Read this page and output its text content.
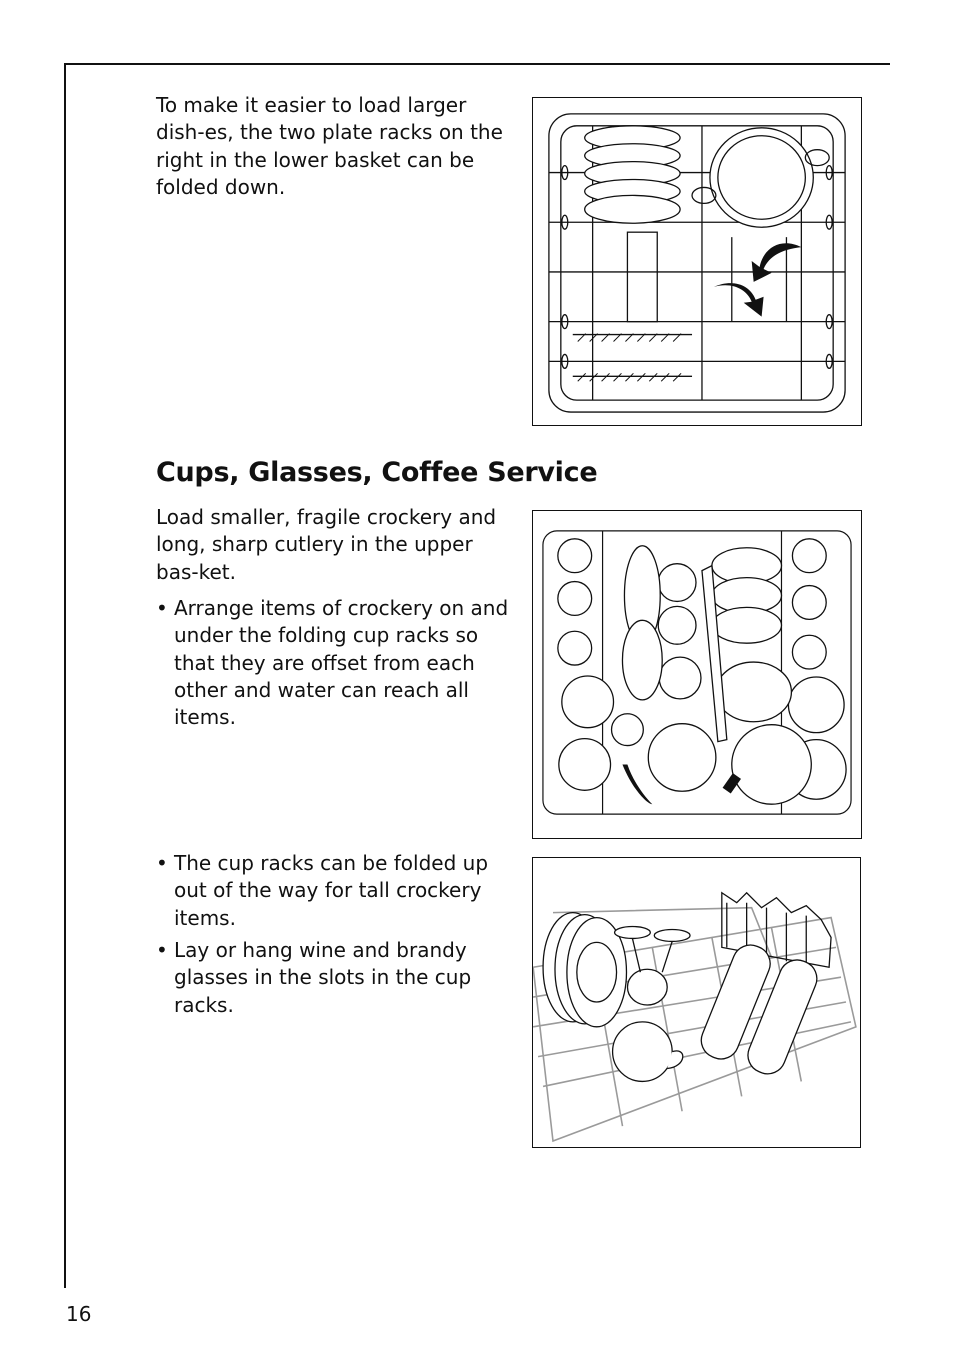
To make it easier to load larger dish-es, the two plate racks on the right in the lower basket can be folded down.

Cups, Glasses, Coffee Service

Load smaller, fragile crockery and long, sharp cutlery in the upper bas-ket.

• Arrange items of crockery on and under the folding cup racks so that they are offset from each other and water can reach all items.
• The cup racks can be folded up out of the way for tall crockery items.
• Lay or hang wine and brandy glasses in the slots in the cup racks.
16
